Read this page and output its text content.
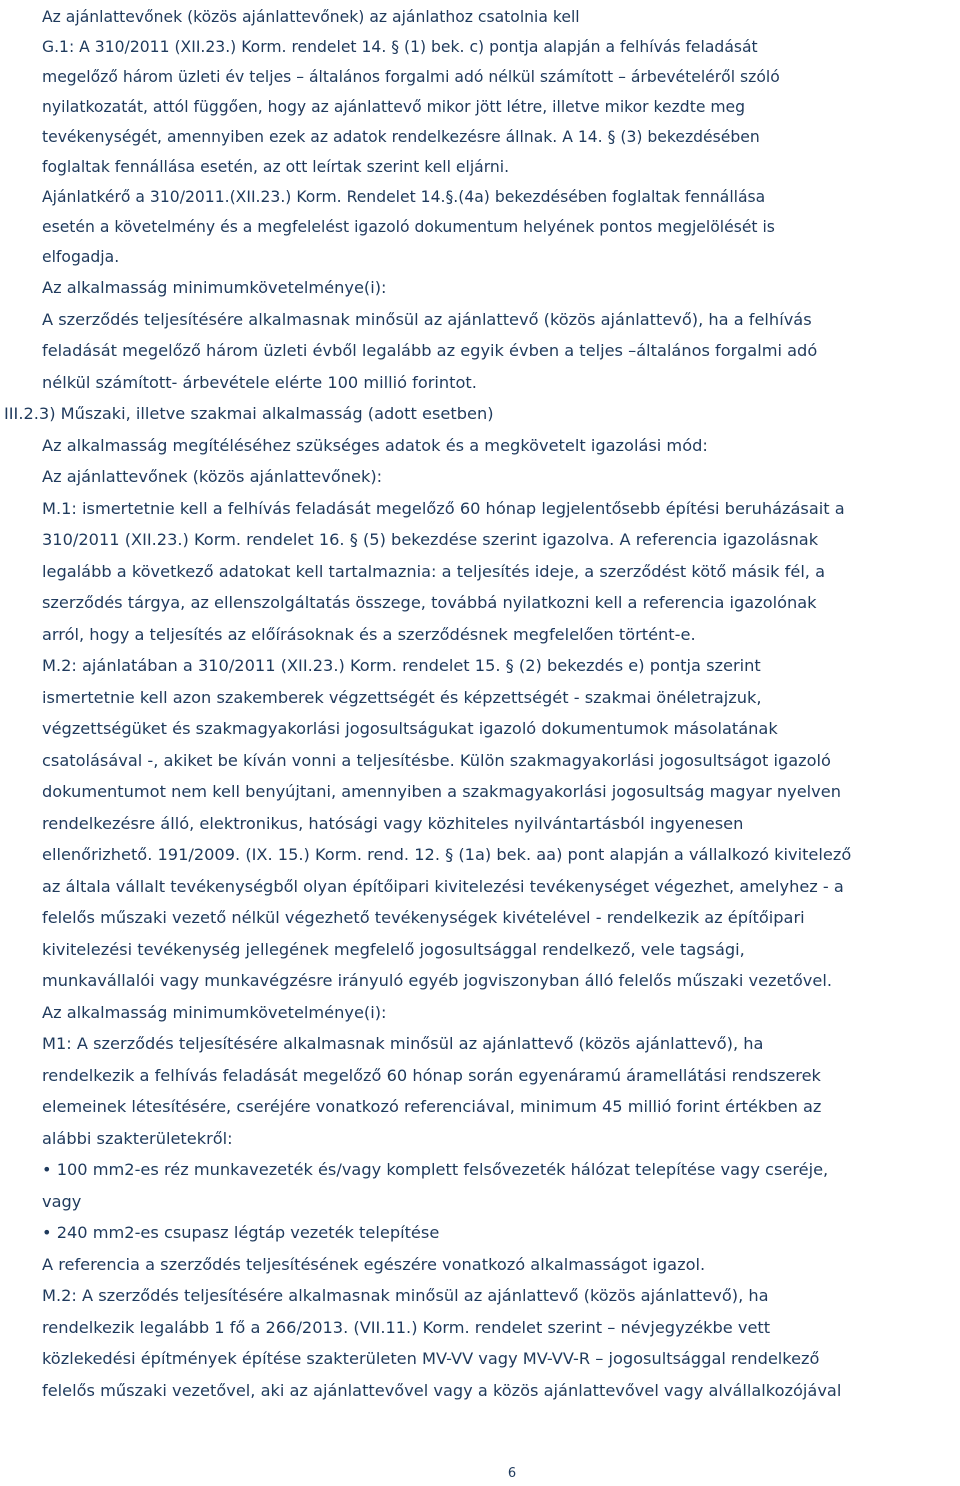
Az ajánlattevőnek (közös ajánlattevőnek) az ajánlathoz csatolnia kell
G.1: A 310/2011 (XII.23.) Korm. rendelet 14. § (1) bek. c) pontja alapján a felhívás feladását
megelőző három üzleti év teljes – általános forgalmi adó nélkül számított – árbevételéről szóló
nyilatkozatát, attól függően, hogy az ajánlattevő mikor jött létre, illetve mikor kezdte meg
tevékenységét, amennyiben ezek az adatok rendelkezésre állnak. A 14. § (3) bekezdésében
foglaltak fennállása esetén, az ott leírtak szerint kell eljárni.
Ajánlatkérő a 310/2011.(XII.23.) Korm. Rendelet 14.§.(4a) bekezdésében foglaltak fennállása
esetén a követelmény és a megfelelést igazoló dokumentum helyének pontos megjelölését is
elfogadja.
Az alkalmasság minimumkövetelménye(i):
A szerződés teljesítésére alkalmasnak minősül az ajánlattevő (közös ajánlattevő), ha a felhívás
feladását megelőző három üzleti évből legalább az egyik évben a teljes –általános forgalmi adó
nélkül számított- árbevétele elérte 100 millió forintot.
III.2.3) Műszaki, illetve szakmai alkalmasság (adott esetben)
Az alkalmasság megítéléséhez szükséges adatok és a megkövetelt igazolási mód:
Az ajánlattevőnek (közös ajánlattevőnek):
M.1: ismertetnie kell a felhívás feladását megelőző 60 hónap legjelentősebb építési beruházásait a
310/2011 (XII.23.) Korm. rendelet 16. § (5) bekezdése szerint igazolva. A referencia igazolásnak
legalább a következő adatokat kell tartalmaznia: a teljesítés ideje, a szerződést kötő másik fél, a
szerződés tárgya, az ellenszolgáltatás összege, továbbá nyilatkozni kell a referencia igazolónak
arról, hogy a teljesítés az előírásoknak és a szerződésnek megfelelően történt-e.
M.2: ajánlatában a 310/2011 (XII.23.) Korm. rendelet 15. § (2) bekezdés e) pontja szerint
ismertetnie kell azon szakemberek végzettségét és képzettségét - szakmai önéletrajzuk,
végzettségüket és szakmagyakorlási jogosultságukat igazoló dokumentumok másolatának
csatolásával -, akiket be kíván vonni a teljesítésbe. Külön szakmagyakorlási jogosultságot igazoló
dokumentumot nem kell benyújtani, amennyiben a szakmagyakorlási jogosultság magyar nyelven
rendelkezésre álló, elektronikus, hatósági vagy közhiteles nyilvántartásból ingyenesen
ellenőrizhető. 191/2009. (IX. 15.) Korm. rend. 12. § (1a) bek. aa) pont alapján a vállalkozó kivitelező
az általa vállalt tevékenységből olyan építőipari kivitelezési tevékenységet végezhet, amelyhez - a
felelős műszaki vezető nélkül végezhető tevékenységek kivételével - rendelkezik az építőipari
kivitelezési tevékenység jellegének megfelelő jogosultsággal rendelkező, vele tagsági,
munkavállalói vagy munkavégzésre irányuló egyéb jogviszonyban álló felelős műszaki vezetővel.
Az alkalmasság minimumkövetelménye(i):
M1: A szerződés teljesítésére alkalmasnak minősül az ajánlattevő (közös ajánlattevő), ha
rendelkezik a felhívás feladását megelőző 60 hónap során egyenáramú áramellátási rendszerek
elemeinek létesítésére, cseréjére vonatkozó referenciával, minimum 45 millió forint értékben az
alábbi szakterületekről:
• 100 mm2-es réz munkavezeték és/vagy komplett felsővezeték hálózat telepítése vagy cseréje,
vagy
• 240 mm2-es csupasz légtáp vezeték telepítése
A referencia a szerződés teljesítésének egészére vonatkozó alkalmasságot igazol.
M.2: A szerződés teljesítésére alkalmasnak minősül az ajánlattevő (közös ajánlattevő), ha
rendelkezik legalább 1 fő a 266/2013. (VII.11.) Korm. rendelet szerint – névjegyzékbe vett
közlekedési építmények építése szakterületen MV-VV vagy MV-VV-R – jogosultsággal rendelkező
felelős műszaki vezetővel, aki az ajánlattevővel vagy a közös ajánlattevővel vagy alvállalkozójával
6
